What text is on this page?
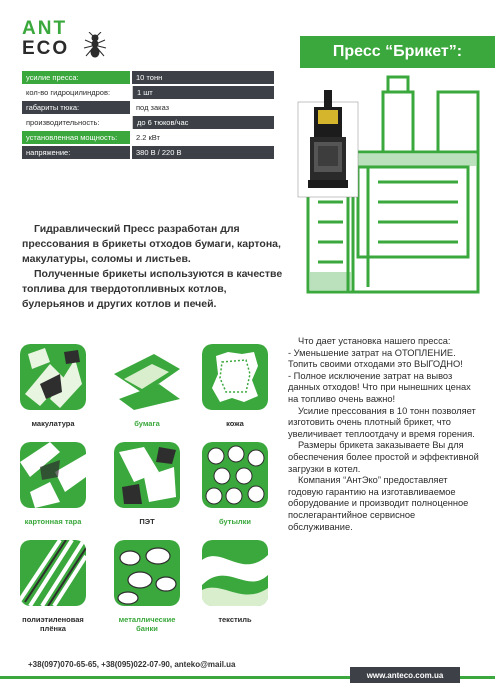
ANT
ECO	Пресс “Брикет”:
усилие пресса:	10 тонн
кол-во гидроцилиндров:	1 шт
габариты тюка:	под заказ
производительность:	до 6 тюков/час
установленная мощность:	2.2 кВт
напряжение:	380 В / 220 В

Гидравлический Пресс разработан для прессования в брикеты отходов бумаги, картона, макулатуры, соломы и листьев.

Полученные брикеты используются в качестве топлива для твердотопливных котлов, булерьянов и других котлов и печей.

макулатура	бумага	кожа
картонная тара	ПЭТ	бутылки
полиэтиленовая плёнка
металлические банки
текстиль

Что дает установка нашего пресса:

- Уменьшение затрат на ОТОПЛЕНИЕ. Топить своими отходами это ВЫГОДНО!

- Полное исключение затрат на вывоз данных отходов! Что при нынешних ценах на топливо очень важно!

Усилие прессования в 10 тонн позволяет изготовить очень плотный брикет, что увеличивает теплоотдачу и время горения.

Размеры брикета заказываете Вы для обеспечения более простой и эффективной загрузки в котел.

Компания “АнтЭко” предоставляет годовую гарантию на изготавливаемое оборудование и производит полноценное послегарантийное сервисное обслуживание.

+38(097)070-65-65, +38(095)022-07-90, anteko@mail.ua
www.anteco.com.ua
